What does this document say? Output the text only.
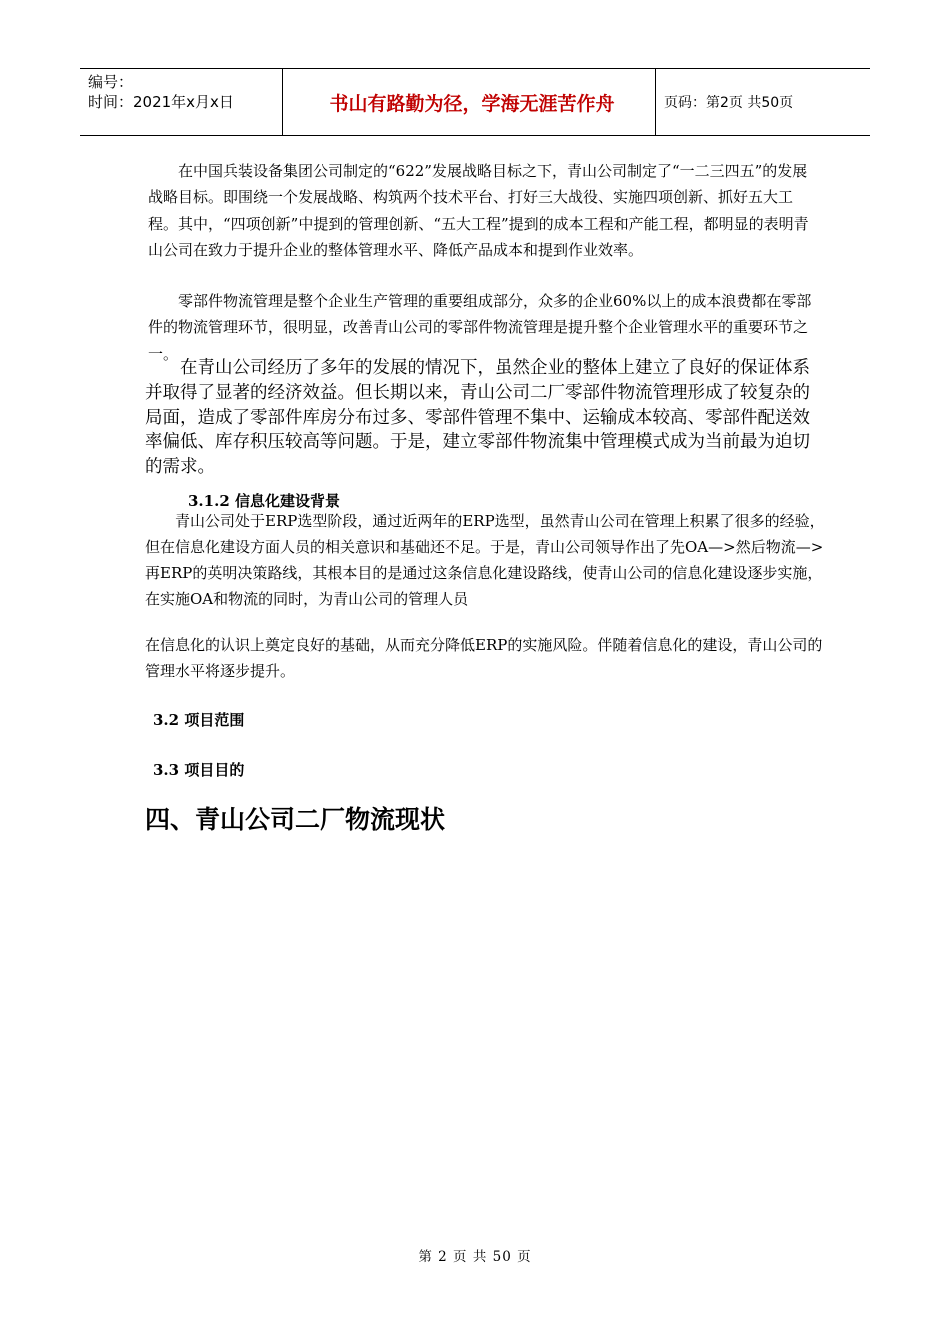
编号：
时间：2021年x月x日	书山有路勤为径，学海无涯苦作舟	页码：第2页 共50页

在中国兵装设备集团公司制定的“622”发展战略目标之下，青山公司制定了“一二三四五”的发展战略目标。即围绕一个发展战略、构筑两个技术平台、打好三大战役、实施四项创新、抓好五大工程。其中，“四项创新”中提到的管理创新、“五大工程”提到的成本工程和产能工程，都明显的表明青山公司在致力于提升企业的整体管理水平、降低产品成本和提到作业效率。

零部件物流管理是整个企业生产管理的重要组成部分，众多的企业60%以上的成本浪费都在零部件的物流管理环节，很明显，改善青山公司的零部件物流管理是提升整个企业管理水平的重要环节之一。

在青山公司经历了多年的发展的情况下，虽然企业的整体上建立了良好的保证体系并取得了显著的经济效益。但长期以来，青山公司二厂零部件物流管理形成了较复杂的局面，造成了零部件库房分布过多、零部件管理不集中、运输成本较高、零部件配送效率偏低、库存积压较高等问题。于是，建立零部件物流集中管理模式成为当前最为迫切的需求。

3.1.2 信息化建设背景

青山公司处于ERP选型阶段，通过近两年的ERP选型，虽然青山公司在管理上积累了很多的经验，但在信息化建设方面人员的相关意识和基础还不足。于是，青山公司领导作出了先OA—>然后物流—>再ERP的英明决策路线，其根本目的是通过这条信息化建设路线，使青山公司的信息化建设逐步实施，在实施OA和物流的同时，为青山公司的管理人员

在信息化的认识上奠定良好的基础，从而充分降低ERP的实施风险。伴随着信息化的建设，青山公司的管理水平将逐步提升。

3.2 项目范围
3.3 项目目的
四、青山公司二厂物流现状
第 2 页 共 50 页
